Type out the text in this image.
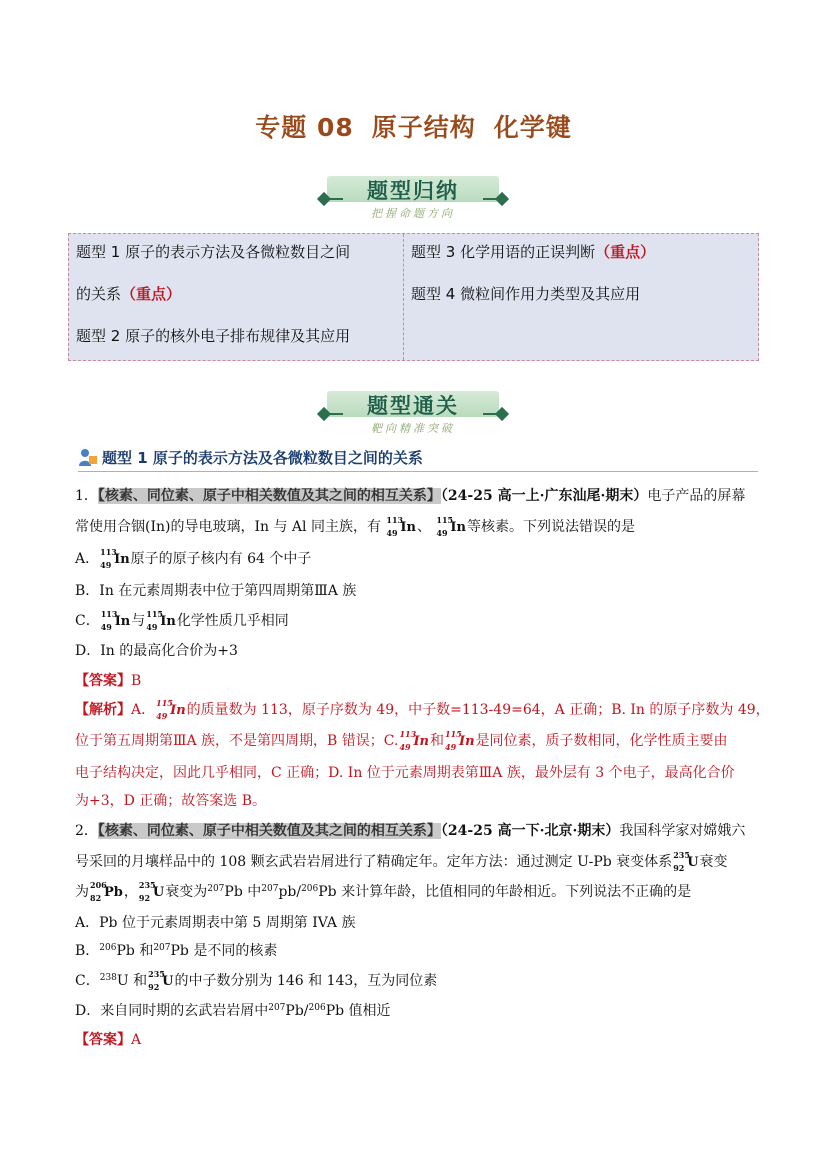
专题 08 原子结构 化学键
题型归纳
把握命题方向
题型 1 原子的表示方法及各微粒数目之间
的关系（重点）
题型 2 原子的核外电子排布规律及其应用
题型 3 化学用语的正误判断（重点）
题型 4 微粒间作用力类型及其应用
题型通关
靶向精准突破
题型 1 原子的表示方法及各微粒数目之间的关系
1．【核素、同位素、原子中相关数值及其之间的相互关系】（24-25 高一上·广东汕尾·期末）电子产品的屏幕
常使用合铟(In)的导电玻璃，In 与 Al 同主族，有 113
49 In、 115
49 In等核素。下列说法错误的是
A． 113
49 In原子的原子核内有 64 个中子
B．In 在元素周期表中位于第四周期第ⅢA 族
C． 113
49 In与 115
49 In化学性质几乎相同
D．In 的最高化合价为+3
【答案】B
【解析】A． 115
49 In的质量数为 113，原子序数为 49，中子数=113-49=64，A 正确；B. In 的原子序数为 49，
位于第五周期第ⅢA 族，不是第四周期，B 错误；C. 113
49 In和 115
49 In是同位素，质子数相同，化学性质主要由
电子结构决定，因此几乎相同，C 正确；D. In 位于元素周期表第ⅢA 族，最外层有 3 个电子，最高化合价
为+3，D 正确；故答案选 B。
2．【核素、同位素、原子中相关数值及其之间的相互关系】（24-25 高一下·北京·期末）我国科学家对嫦娥六
号采回的月壤样品中的 108 颗玄武岩岩屑进行了精确定年。定年方法：通过测定 U-Pb 衰变体系 235
92 U衰变
为 206
82 Pb， 235
92 U衰变为$^{207}$Pb 中$^{207}$pb/$^{206}$Pb 来计算年龄，比值相同的年龄相近。下列说法不正确的是
A．Pb 位于元素周期表中第 5 周期第 IVA 族
B．$^{206}$Pb 和$^{207}$Pb 是不同的核素
C．$^{238}$U 和 235
92 U的中子数分别为 146 和 143，互为同位素
D．来自同时期的玄武岩岩屑中$^{207}$Pb/$^{206}$Pb 值相近
【答案】A
